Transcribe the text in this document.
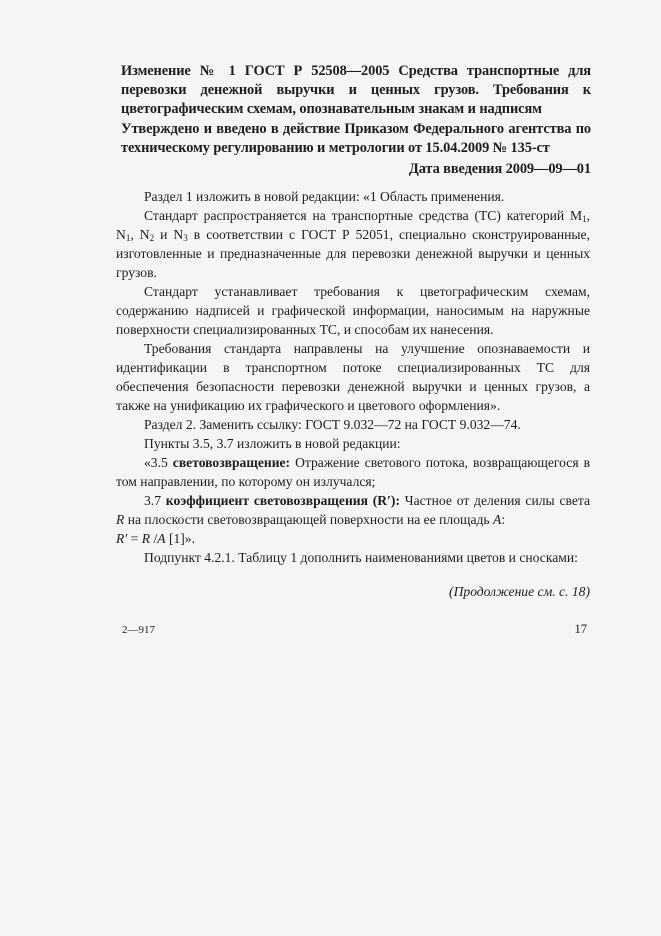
Изменение № 1 ГОСТ Р 52508—2005 Средства транспортные для перевозки денежной выручки и ценных грузов. Требования к цветографическим схемам, опознавательным знакам и надписям
Утверждено и введено в действие Приказом Федерального агентства по техническому регулированию и метрологии от 15.04.2009 № 135-ст
Дата введения 2009—09—01

Раздел 1 изложить в новой редакции: «1 Область применения.

Стандарт распространяется на транспортные средства (ТС) категорий $M_1$, $N_1$, $N_2$ и $N_3$ в соответствии с ГОСТ Р 52051, специально сконструированные, изготовленные и предназначенные для перевозки денежной выручки и ценных грузов.

Стандарт устанавливает требования к цветографическим схемам, содержанию надписей и графической информации, наносимым на наружные поверхности специализированных ТС, и способам их нанесения.

Требования стандарта направлены на улучшение опознаваемости и идентификации в транспортном потоке специализированных ТС для обеспечения безопасности перевозки денежной выручки и ценных грузов, а также на унификацию их графического и цветового оформления».

Раздел 2. Заменить ссылку: ГОСТ 9.032—72 на ГОСТ 9.032—74.

Пункты 3.5, 3.7 изложить в новой редакции:

«3.5 световозвращение: Отражение светового потока, возвращающегося в том направлении, по которому он излучался;

3.7 коэффициент световозвращения (R′): Частное от деления силы света R на плоскости световозвращающей поверхности на ее площадь A:
R′ = R /A [1]».

Подпункт 4.2.1. Таблицу 1 дополнить наименованиями цветов и сносками:

(Продолжение см. с. 18)
2—917	17
